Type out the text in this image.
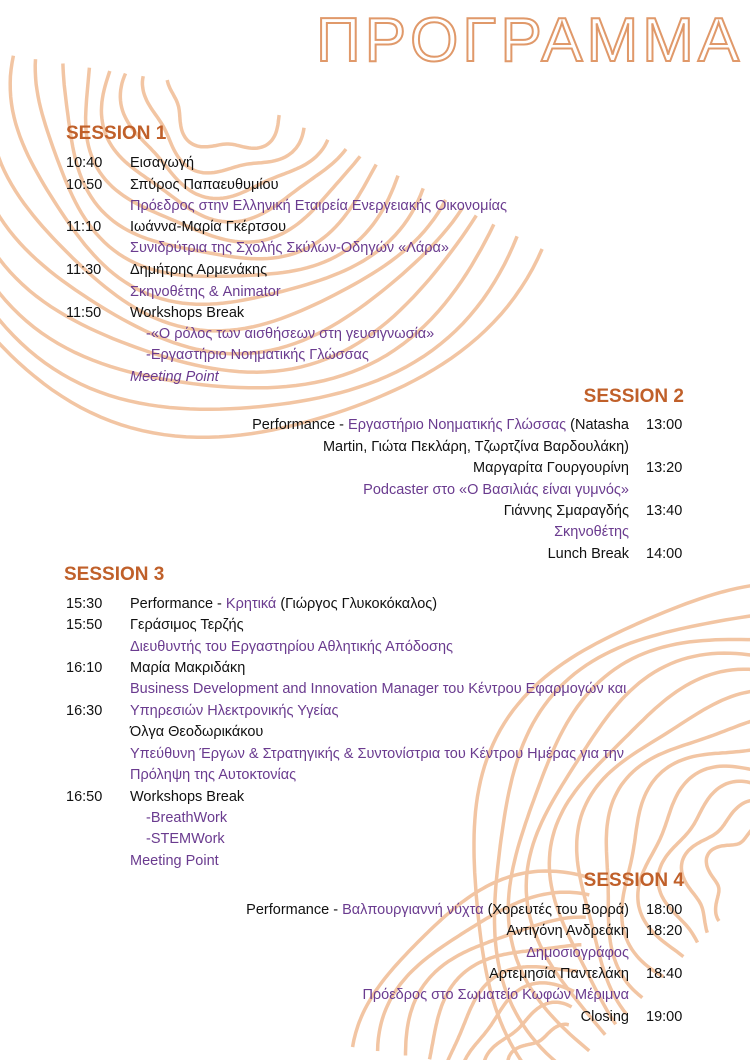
ΠΡΟΓΡΑΜΜΑ
SESSION 1
10:40 Εισαγωγή
10:50 Σπύρος Παπαευθυμίου
Πρόεδρος στην Ελληνική Εταιρεία Ενεργειακής Οικονομίας
11:10 Ιωάννα-Μαρία Γκέρτσου
Συνιδρύτρια της Σχολής Σκύλων-Οδηγών «Λάρα»
11:30 Δημήτρης Αρμενάκης
Σκηνοθέτης & Animator
11:50 Workshops Break
-«Ο ρόλος των αισθήσεων στη γευσιγνωσία»
-Εργαστήριο Νοηματικής Γλώσσας
Meeting Point
SESSION 2
Performance - Εργαστήριο Νοηματικής Γλώσσας (Natasha 13:00
Martin, Γιώτα Πεκλάρη, Τζωρτζίνα Βαρδουλάκη)
Μαργαρίτα Γουργουρίνη 13:20
Podcaster στο «Ο Βασιλιάς είναι γυμνός»
Γιάννης Σμαραγδής 13:40
Σκηνοθέτης
Lunch Break 14:00
SESSION 3
15:30 Performance - Κρητικά (Γιώργος Γλυκοκόκαλος)
15:50 Γεράσιμος Τερζής
Διευθυντής του Εργαστηρίου Αθλητικής Απόδοσης
16:10 Μαρία Μακριδάκη
Business Development and Innovation Manager του Κέντρου Εφαρμογών και
16:30 Υπηρεσιών Ηλεκτρονικής Υγείας
Όλγα Θεοδωρικάκου
Υπεύθυνη Έργων & Στρατηγικής & Συντονίστρια του Κέντρου Ημέρας για την
Πρόληψη της Αυτοκτονίας
16:50 Workshops Break
-BreathWork
-STEMWork
Meeting Point
SESSION 4
Performance - Βαλπουργιαννή νύχτα (Χορευτές του Βορρά) 18:00
Αντιγόνη Ανδρεάκη 18:20
Δημοσιογράφος
Αρτεμησία Παντελάκη 18:40
Πρόεδρος στο Σωματείο Κωφών Μέριμνα
Closing 19:00
